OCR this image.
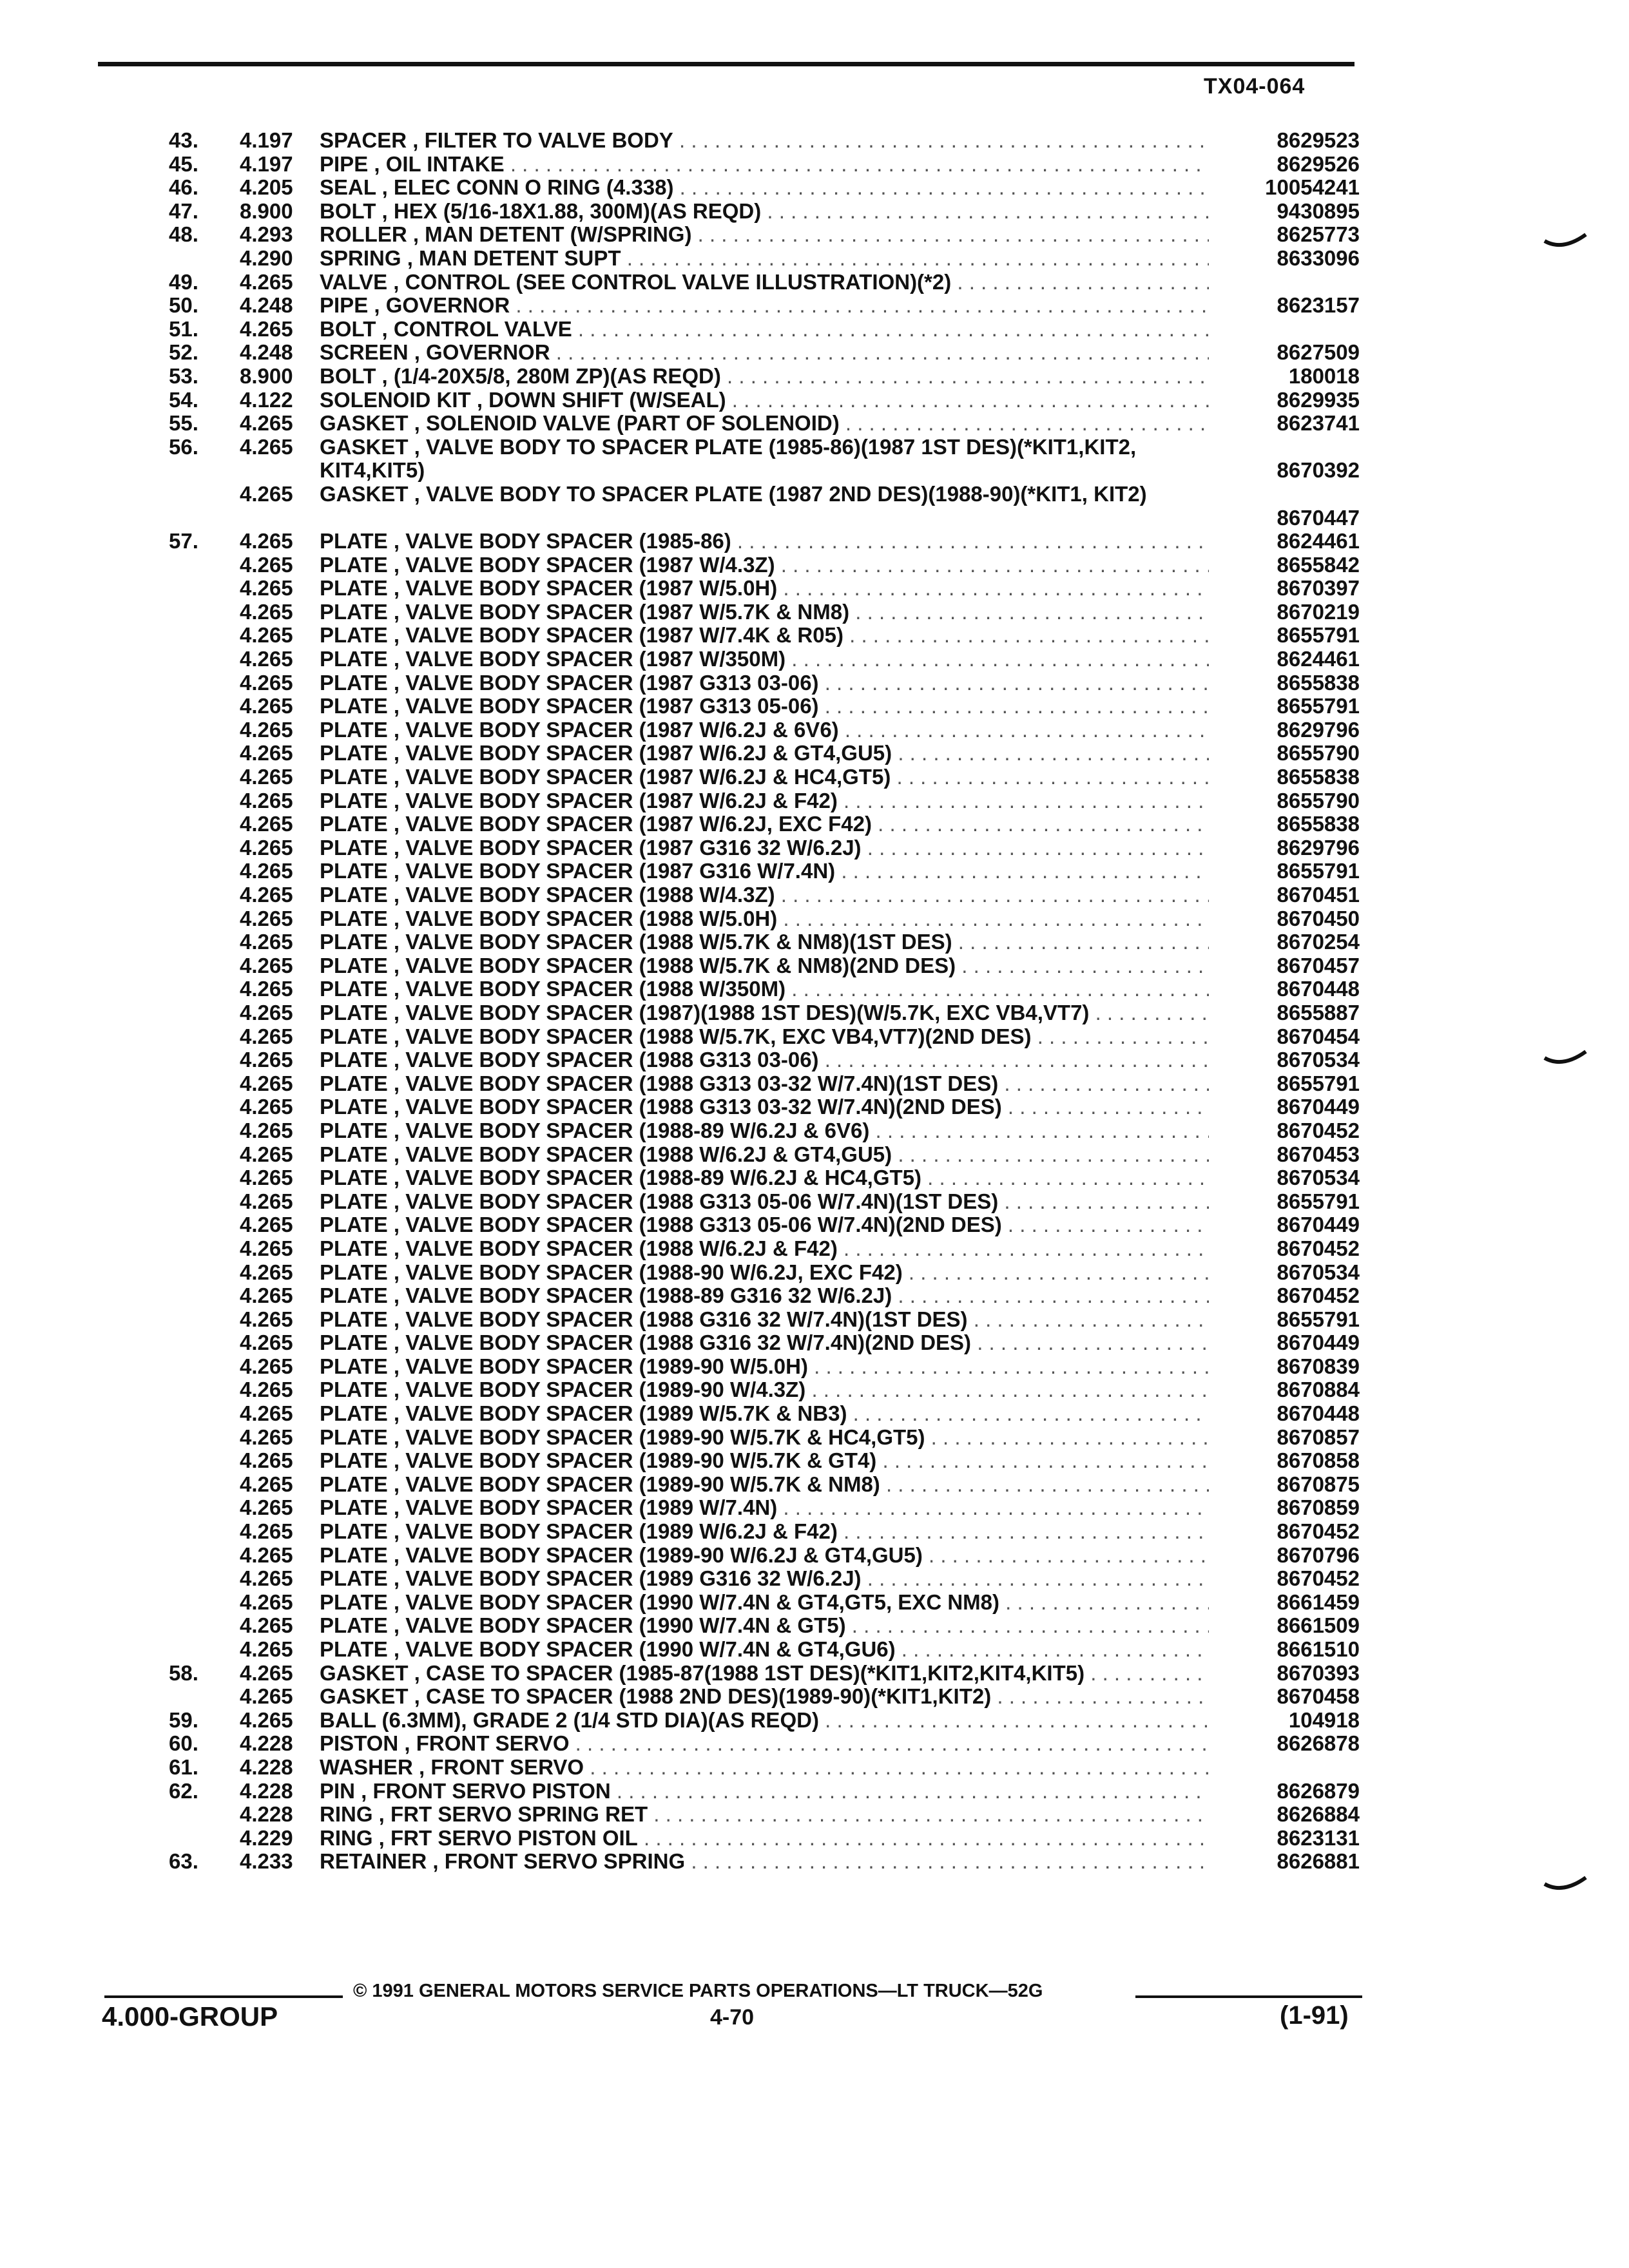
TX04-064
43.	4.197	SPACER , FILTER TO VALVE BODY . . .	8629523
45.	4.197	PIPE , OIL INTAKE . . .	8629526
46.	4.205	SEAL , ELEC CONN O RING (4.338) . . .	10054241
47.	8.900	BOLT , HEX (5/16-18X1.88, 300M)(AS REQD) . . .	9430895
48.	4.293	ROLLER , MAN DETENT (W/SPRING) . . .	8625773
4.290	SPRING , MAN DETENT SUPT . . .	8633096
49.	4.265	VALVE , CONTROL (SEE CONTROL VALVE ILLUSTRATION)(*2) . . .
50.	4.248	PIPE , GOVERNOR . . .	8623157
51.	4.265	BOLT , CONTROL VALVE . . .
52.	4.248	SCREEN , GOVERNOR . . .	8627509
53.	8.900	BOLT , (1/4-20X5/8, 280M ZP)(AS REQD) . . .	180018
54.	4.122	SOLENOID KIT , DOWN SHIFT (W/SEAL) . . .	8629935
55.	4.265	GASKET , SOLENOID VALVE (PART OF SOLENOID) . . .	8623741
56.	4.265	GASKET , VALVE BODY TO SPACER PLATE (1985-86)(1987 1ST DES)(*KIT1,KIT2, KIT4,KIT5)	8670392
4.265	GASKET , VALVE BODY TO SPACER PLATE (1987 2ND DES)(1988-90)(*KIT1, KIT2)
8670447
57.	4.265	PLATE , VALVE BODY SPACER (1985-86) . . .	8624461
4.265	PLATE , VALVE BODY SPACER (1987 W/4.3Z) . . .	8655842
4.265	PLATE , VALVE BODY SPACER (1987 W/5.0H) . . .	8670397
4.265	PLATE , VALVE BODY SPACER (1987 W/5.7K & NM8) . . .	8670219
4.265	PLATE , VALVE BODY SPACER (1987 W/7.4K & R05) . . .	8655791
4.265	PLATE , VALVE BODY SPACER (1987 W/350M) . . .	8624461
4.265	PLATE , VALVE BODY SPACER (1987 G313 03-06) . . .	8655838
4.265	PLATE , VALVE BODY SPACER (1987 G313 05-06) . . .	8655791
4.265	PLATE , VALVE BODY SPACER (1987 W/6.2J & 6V6) . . .	8629796
4.265	PLATE , VALVE BODY SPACER (1987 W/6.2J & GT4,GU5) . . .	8655790
4.265	PLATE , VALVE BODY SPACER (1987 W/6.2J & HC4,GT5) . . .	8655838
4.265	PLATE , VALVE BODY SPACER (1987 W/6.2J & F42) . . .	8655790
4.265	PLATE , VALVE BODY SPACER (1987 W/6.2J, EXC F42) . . .	8655838
4.265	PLATE , VALVE BODY SPACER (1987 G316 32 W/6.2J) . . .	8629796
4.265	PLATE , VALVE BODY SPACER (1987 G316 W/7.4N) . . .	8655791
4.265	PLATE , VALVE BODY SPACER (1988 W/4.3Z) . . .	8670451
4.265	PLATE , VALVE BODY SPACER (1988 W/5.0H) . . .	8670450
4.265	PLATE , VALVE BODY SPACER (1988 W/5.7K & NM8)(1ST DES) . . .	8670254
4.265	PLATE , VALVE BODY SPACER (1988 W/5.7K & NM8)(2ND DES) . . .	8670457
4.265	PLATE , VALVE BODY SPACER (1988 W/350M) . . .	8670448
4.265	PLATE , VALVE BODY SPACER (1987)(1988 1ST DES)(W/5.7K, EXC VB4,VT7) . . .	8655887
4.265	PLATE , VALVE BODY SPACER (1988 W/5.7K, EXC VB4,VT7)(2ND DES) . . .	8670454
4.265	PLATE , VALVE BODY SPACER (1988 G313 03-06) . . .	8670534
4.265	PLATE , VALVE BODY SPACER (1988 G313 03-32 W/7.4N)(1ST DES) . . .	8655791
4.265	PLATE , VALVE BODY SPACER (1988 G313 03-32 W/7.4N)(2ND DES) . . .	8670449
4.265	PLATE , VALVE BODY SPACER (1988-89 W/6.2J & 6V6) . . .	8670452
4.265	PLATE , VALVE BODY SPACER (1988 W/6.2J & GT4,GU5) . . .	8670453
4.265	PLATE , VALVE BODY SPACER (1988-89 W/6.2J & HC4,GT5) . . .	8670534
4.265	PLATE , VALVE BODY SPACER (1988 G313 05-06 W/7.4N)(1ST DES) . . .	8655791
4.265	PLATE , VALVE BODY SPACER (1988 G313 05-06 W/7.4N)(2ND DES) . . .	8670449
4.265	PLATE , VALVE BODY SPACER (1988 W/6.2J & F42) . . .	8670452
4.265	PLATE , VALVE BODY SPACER (1988-90 W/6.2J, EXC F42) . . .	8670534
4.265	PLATE , VALVE BODY SPACER (1988-89 G316 32 W/6.2J) . . .	8670452
4.265	PLATE , VALVE BODY SPACER (1988 G316 32 W/7.4N)(1ST DES) . . .	8655791
4.265	PLATE , VALVE BODY SPACER (1988 G316 32 W/7.4N)(2ND DES) . . .	8670449
4.265	PLATE , VALVE BODY SPACER (1989-90 W/5.0H) . . .	8670839
4.265	PLATE , VALVE BODY SPACER (1989-90 W/4.3Z) . . .	8670884
4.265	PLATE , VALVE BODY SPACER (1989 W/5.7K & NB3) . . .	8670448
4.265	PLATE , VALVE BODY SPACER (1989-90 W/5.7K & HC4,GT5) . . .	8670857
4.265	PLATE , VALVE BODY SPACER (1989-90 W/5.7K & GT4) . . .	8670858
4.265	PLATE , VALVE BODY SPACER (1989-90 W/5.7K & NM8) . . .	8670875
4.265	PLATE , VALVE BODY SPACER (1989 W/7.4N) . . .	8670859
4.265	PLATE , VALVE BODY SPACER (1989 W/6.2J & F42) . . .	8670452
4.265	PLATE , VALVE BODY SPACER (1989-90 W/6.2J & GT4,GU5) . . .	8670796
4.265	PLATE , VALVE BODY SPACER (1989 G316 32 W/6.2J) . . .	8670452
4.265	PLATE , VALVE BODY SPACER (1990 W/7.4N & GT4,GT5, EXC NM8) . . .	8661459
4.265	PLATE , VALVE BODY SPACER (1990 W/7.4N & GT5) . . .	8661509
4.265	PLATE , VALVE BODY SPACER (1990 W/7.4N & GT4,GU6) . . .	8661510
58.	4.265	GASKET , CASE TO SPACER (1985-87(1988 1ST DES)(*KIT1,KIT2,KIT4,KIT5) . . .	8670393
4.265	GASKET , CASE TO SPACER (1988 2ND DES)(1989-90)(*KIT1,KIT2) . . .	8670458
59.	4.265	BALL (6.3MM), GRADE 2 (1/4 STD DIA)(AS REQD) . . .	104918
60.	4.228	PISTON , FRONT SERVO . . .	8626878
61.	4.228	WASHER , FRONT SERVO . . .
62.	4.228	PIN , FRONT SERVO PISTON . . .	8626879
4.228	RING , FRT SERVO SPRING RET . . .	8626884
4.229	RING , FRT SERVO PISTON OIL . . .	8623131
63.	4.233	RETAINER , FRONT SERVO SPRING . . .	8626881
© 1991 GENERAL MOTORS SERVICE PARTS OPERATIONS—LT TRUCK—52G
4.000-GROUP	4-70	(1-91)
